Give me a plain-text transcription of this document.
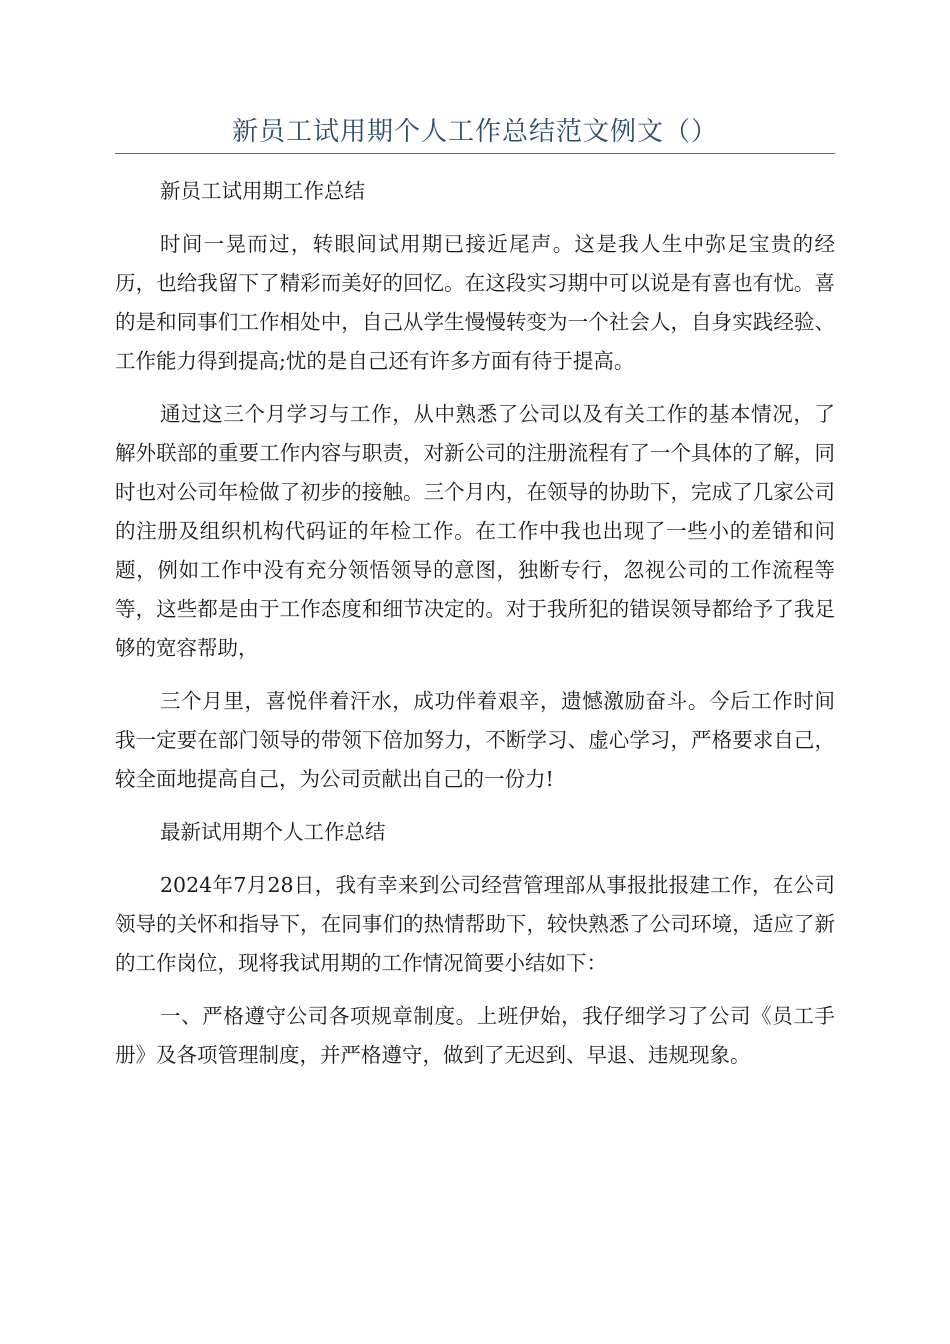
新员工试用期个人工作总结范文例文（）

新员工试用期工作总结

时间一晃而过，转眼间试用期已接近尾声。这是我人生中弥足宝贵的经历，也给我留下了精彩而美好的回忆。在这段实习期中可以说是有喜也有忧。喜的是和同事们工作相处中，自己从学生慢慢转变为一个社会人，自身实践经验、工作能力得到提高;忧的是自己还有许多方面有待于提高。

通过这三个月学习与工作，从中熟悉了公司以及有关工作的基本情况，了解外联部的重要工作内容与职责，对新公司的注册流程有了一个具体的了解，同时也对公司年检做了初步的接触。三个月内，在领导的协助下，完成了几家公司的注册及组织机构代码证的年检工作。在工作中我也出现了一些小的差错和问题，例如工作中没有充分领悟领导的意图，独断专行，忽视公司的工作流程等等，这些都是由于工作态度和细节决定的。对于我所犯的错误领导都给予了我足够的宽容帮助，

三个月里，喜悦伴着汗水，成功伴着艰辛，遗憾激励奋斗。今后工作时间我一定要在部门领导的带领下倍加努力，不断学习、虚心学习，严格要求自己，较全面地提高自己，为公司贡献出自己的一份力!

最新试用期个人工作总结

2024年7月28日，我有幸来到公司经营管理部从事报批报建工作，在公司领导的关怀和指导下，在同事们的热情帮助下，较快熟悉了公司环境，适应了新的工作岗位，现将我试用期的工作情况简要小结如下：

一、严格遵守公司各项规章制度。上班伊始，我仔细学习了公司《员工手册》及各项管理制度，并严格遵守，做到了无迟到、早退、违规现象。
